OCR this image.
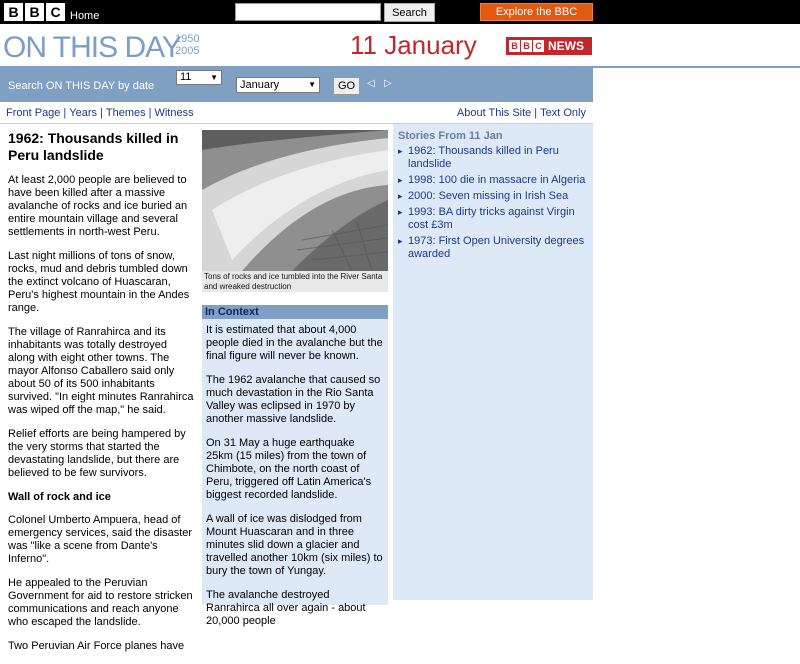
B B C Home	Search	Explore the BBC
ON THIS DAY
1950
2005	11 January	B B C NEWS
Search ON THIS DAY by date
11 ▼
January	▼	GO	◁ ▷
Front Page | Years | Themes | Witness	About This Site | Text Only
1962: Thousands killed in Peru landslide

At least 2,000 people are believed to have been killed after a massive avalanche of rocks and ice buried an entire mountain village and several settlements in north-west Peru.

Last night millions of tons of snow, rocks, mud and debris tumbled down the extinct volcano of Huascaran, Peru's highest mountain in the Andes range.

The village of Ranrahirca and its inhabitants was totally destroyed along with eight other towns. The mayor Alfonso Caballero said only about 50 of its 500 inhabitants survived. "In eight minutes Ranrahirca was wiped off the map," he said.

Relief efforts are being hampered by the very storms that started the devastating landslide, but there are believed to be few survivors.

Wall of rock and ice

Colonel Umberto Ampuera, head of emergency services, said the disaster was "like a scene from Dante's Inferno".

He appealed to the Peruvian Government for aid to restore stricken communications and reach anyone who escaped the landslide.

Two Peruvian Air Force planes have

Tons of rocks and ice tumbled into the River Santa and wreaked destruction
In Context

It is estimated that about 4,000 people died in the avalanche but the final figure will never be known.

The 1962 avalanche that caused so much devastation in the Rio Santa Valley was eclipsed in 1970 by another massive landslide.

On 31 May a huge earthquake 25km (15 miles) from the town of Chimbote, on the north coast of Peru, triggered off Latin America's biggest recorded landslide.

A wall of ice was dislodged from Mount Huascaran and in three minutes slid down a glacier and travelled another 10km (six miles) to bury the town of Yungay.

The avalanche destroyed Ranrahirca all over again - about 20,000 people

Stories From 11 Jan
▸ 1962: Thousands killed in Peru landslide
▸ 1998: 100 die in massacre in Algeria
▸ 2000: Seven missing in Irish Sea
▸ 1993: BA dirty tricks against Virgin cost £3m
▸ 1973: First Open University degrees awarded
